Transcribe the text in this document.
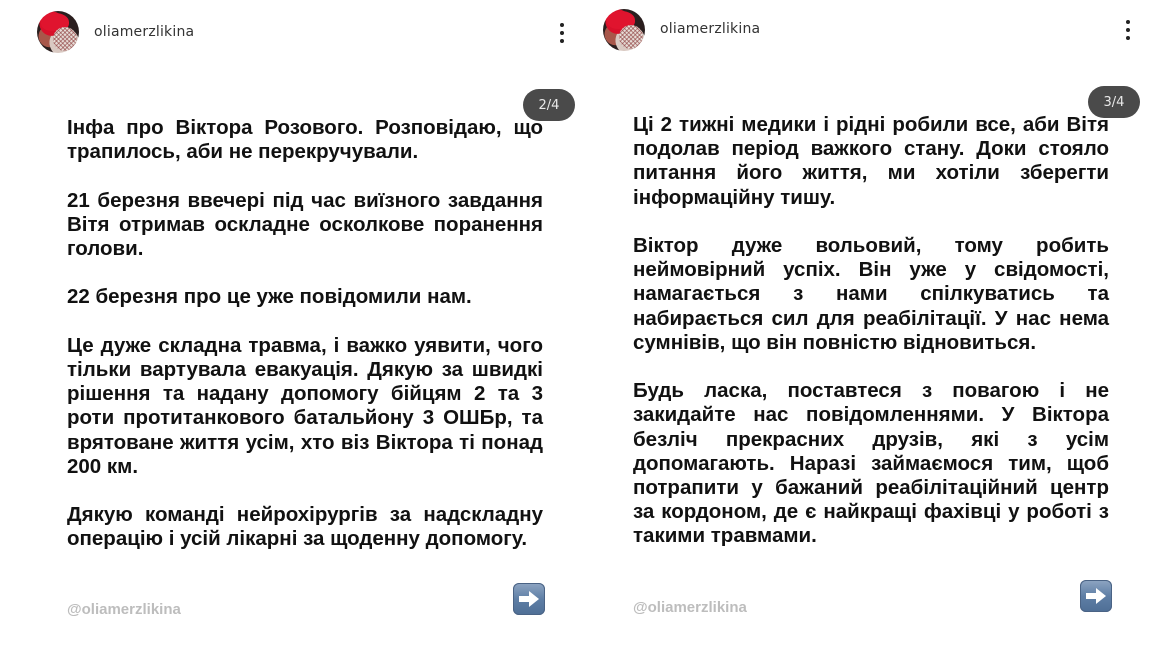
oliamerzlikina
2/4

Інфа про Віктора Розового. Розповідаю, що трапилось, аби не перекручували.

21 березня ввечері під час виїзного завдання Вітя отримав оскладне осколкове поранення голови.

22 березня про це уже повідомили нам.

Це дуже складна травма, і важко уявити, чого тільки вартувала евакуація. Дякую за швидкі рішення та надану допомогу бійцям 2 та 3 роти протитанкового батальйону 3 ОШБр, та врятоване життя усім, хто віз Віктора ті понад 200 км.

Дякую команді нейрохірургів за надскладну операцію і усій лікарні за щоденну допомогу.

@oliamerzlikina
oliamerzlikina
3/4

Ці 2 тижні медики і рідні робили все, аби Вітя подолав період важкого стану. Доки стояло питання його життя, ми хотіли зберегти інформаційну тишу.

Віктор дуже вольовий, тому робить неймовірний успіх. Він уже у свідомості, намагається з нами спілкуватись та набирається сил для реабілітації. У нас нема сумнівів, що він повністю відновиться.

Будь ласка, поставтеся з повагою і не закидайте нас повідомленнями. У Віктора безліч прекрасних друзів, які з усім допомагають. Наразі займаємося тим, щоб потрапити у бажаний реабілітаційний центр за кордоном, де є найкращі фахівці у роботі з такими травмами.

@oliamerzlikina
